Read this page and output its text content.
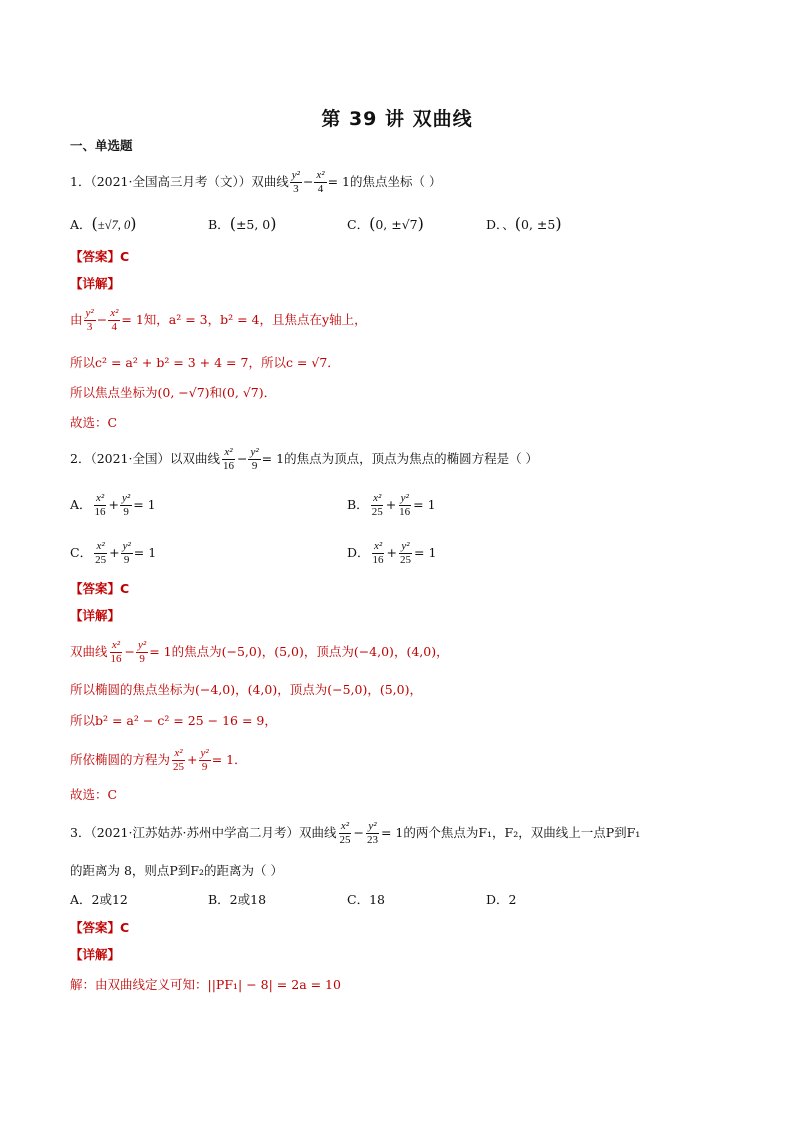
第 39 讲 双曲线
一、单选题
1．（2021·全国高三月考（文））双曲线 $\frac{\text{y²}}{3} - \frac{\text{x²}}{4} = 1$的焦点坐标（ ）
A．(±√7, 0)	B．(±5, 0)	C．(0, ±√7)	D．、(0, ±5)
【答案】C
【详解】
由 $\frac{\text{y²}}{3} - \frac{\text{x²}}{4} = 1$知，a² = 3，b² = 4，且焦点在y轴上，
所以c² = a² + b² = 3 + 4 = 7，所以c = √7．
所以焦点坐标为(0, −√7)和(0, √7)．
故选：C
2．（2021·全国）以双曲线 $\frac{\text{x²}}{16} - \frac{\text{y²}}{9} = 1$的焦点为顶点，顶点为焦点的椭圆方程是（ ）
A． $\frac{\text{x²}}{16} + \frac{\text{y²}}{9} = 1$	B． $\frac{\text{x²}}{25} + \frac{\text{y²}}{16} = 1$
C． $\frac{\text{x²}}{25} + \frac{\text{y²}}{9} = 1$	D． $\frac{\text{x²}}{16} + \frac{\text{y²}}{25} = 1$
【答案】C
【详解】
双曲线 $\frac{\text{x²}}{16} - \frac{\text{y²}}{9} = 1$的焦点为(−5,0)，(5,0)，顶点为(−4,0)，(4,0)，
所以椭圆的焦点坐标为(−4,0)，(4,0)，顶点为(−5,0)，(5,0)，
所以b² = a² − c² = 25 − 16 = 9，
所依椭圆的方程为 $\frac{\text{x²}}{25} + \frac{\text{y²}}{9} = 1$．
故选：C
3．（2021·江苏姑苏·苏州中学高二月考）双曲线 $\frac{\text{x²}}{25} - \frac{\text{y²}}{23} = 1$的两个焦点为F₁，F₂，双曲线上一点P到F₁
的距离为 8，则点P到F₂的距离为（ ）
A．2或12	B．2或18	C．18	D．2
【答案】C
【详解】
解：由双曲线定义可知：||PF₁| − 8| = 2a = 10
